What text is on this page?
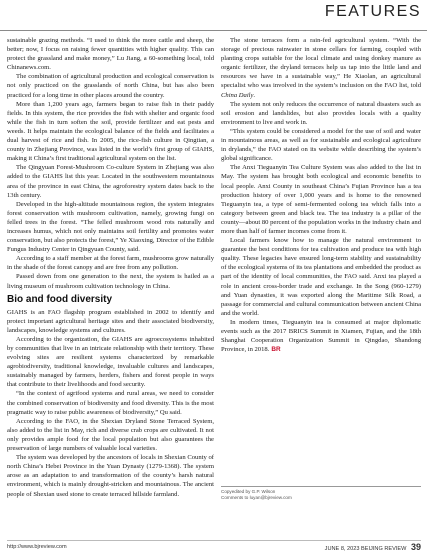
FEATURES

sustainable grazing methods. “I used to think the more cattle and sheep, the better; now, I focus on raising fewer quantities with higher quality. This can protect the grassland and make money,” Lu Jiang, a 60-something local, told Chinanews.com.

The combination of agricultural production and ecological conservation is not only practiced on the grasslands of north China, but has also been practiced for a long time in other places around the country.

More than 1,200 years ago, farmers began to raise fish in their paddy fields. In this system, the rice provides the fish with shelter and organic food while the fish in turn soften the soil, provide fertilizer and eat pests and weeds. It helps maintain the ecological balance of the fields and facilitates a dual harvest of rice and fish. In 2005, the rice-fish culture in Qingtian, a county in Zhejiang Province, was listed in the world’s first group of GIAHS, making it China’s first traditional agricultural system on the list.

The Qingyuan Forest-Mushroom Co-culture System in Zhejiang was also added to the GIAHS list this year. Located in the southwestern mountainous area of the province in east China, the agroforestry system dates back to the 13th century.

Developed in the high-altitude mountainous region, the system integrates forest conservation with mushroom cultivation, namely, growing fungi on felled trees in the forest. “The felled mushroom wood rots naturally and increases humus, which not only maintains soil fertility and promotes water conservation, but also protects the forest,” Ye Xiaoxing, Director of the Edible Fungus Industry Center in Qingyuan County, said.

According to a staff member at the forest farm, mushrooms grow naturally in the shade of the forest canopy and are free from any pollution.

Passed down from one generation to the next, the system is hailed as a living museum of mushroom cultivation technology in China.

Bio and food diversity

GIAHS is an FAO flagship program established in 2002 to identify and protect important agricultural heritage sites and their associated biodiversity, landscapes, knowledge systems and cultures.

According to the organization, the GIAHS are agroecosystems inhabited by communities that live in an intricate relationship with their territory. These evolving sites are resilient systems characterized by remarkable agrobiodiversity, traditional knowledge, invaluable cultures and landscapes, sustainably managed by farmers, herders, fishers and forest people in ways that contribute to their livelihoods and food security.

“In the context of agrifood systems and rural areas, we need to consider the combined conservation of biodiversity and food diversity. This is the most pragmatic way to raise public awareness of biodiversity,” Qu said.

According to the FAO, in the Shexian Dryland Stone Terraced System, also added to the list in May, rich and diverse crab crops are cultivated. It not only provides ample food for the local population but also guarantees the preservation of large numbers of valuable local varieties.

The system was developed by the ancestors of locals in Shexian County of north China’s Hebei Province in the Yuan Dynasty (1279-1368). The system arose as an adaptation to and transformation of the county’s harsh natural environment, which is mainly drought-stricken and mountainous. The ancient people of Shexian used stone to create terraced hillside farmland.

The stone terraces form a rain-fed agricultural system. “With the storage of precious rainwater in stone cellars for farming, coupled with planting crops suitable for the local climate and using donkey manure as organic fertilizer, the dryland terraces help us tap into the little land and resources we have in a sustainable way,” He Xiaolan, an agricultural specialist who was involved in the system’s inclusion on the FAO list, told China Daily.

The system not only reduces the occurrence of natural disasters such as soil erosion and landslides, but also provides locals with a quality environment to live and work in.

“This system could be considered a model for the use of soil and water in mountainous areas, as well as for sustainable and ecological agriculture in drylands,” the FAO stated on its website while describing the system’s global significance.

The Anxi Tieguanyin Tea Culture System was also added to the list in May. The system has brought both ecological and economic benefits to local people. Anxi County in southeast China’s Fujian Province has a tea production history of over 1,000 years and is home to the renowned Tieguanyin tea, a type of semi-fermented oolong tea which falls into a category between green and black tea. The tea industry is a pillar of the county—about 80 percent of the population works in the industry chain and more than half of farmer incomes come from it.

Local farmers know how to manage the natural environment to guarantee the best conditions for tea cultivation and produce tea with high quality. These legacies have ensured long-term stability and sustainability of the ecological systems of its tea plantations and embedded the product as part of the identity of local communities, the FAO said. Anxi tea played a role in ancient cross-border trade and exchange. In the Song (960-1279) and Yuan dynasties, it was exported along the Maritime Silk Road, a passage for commercial and cultural communication between ancient China and the world.

In modern times, Tieguanyin tea is consumed at major diplomatic events such as the 2017 BRICS Summit in Xiamen, Fujian, and the 18th Shanghai Cooperation Organization Summit in Qingdao, Shandong Province, in 2018. BR

Copyedited by G.P. Wilson
Comments to luyan@bjreview.com
http://www.bjreview.com	JUNE 8, 2023 BEIJING REVIEW 39
